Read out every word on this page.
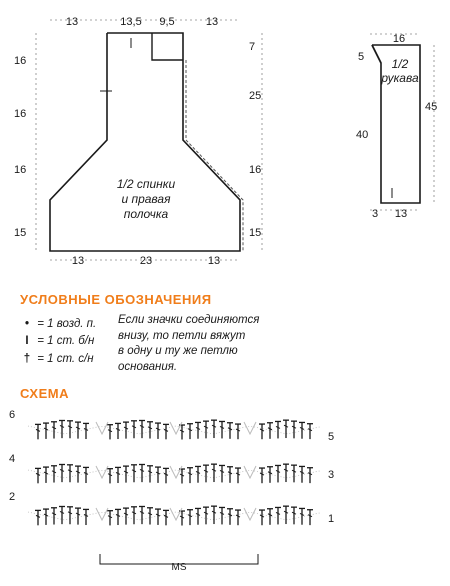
13	13,5 9,5	13
16
16
16
15
7
25
16
15
13	23	13
1/2 спинки
и правая
полочка
16
5
45
40
3 13
1/2
рукава
6
4
2
5
3
1
MS
УСЛОВНЫЕ ОБОЗНАЧЕНИЯ
• = 1 возд. п.
I = 1 ст. б/н
† = 1 ст. с/н
Если значки соединяются
внизу, то петли вяжут
в одну и ту же петлю
основания.
СХЕМА
